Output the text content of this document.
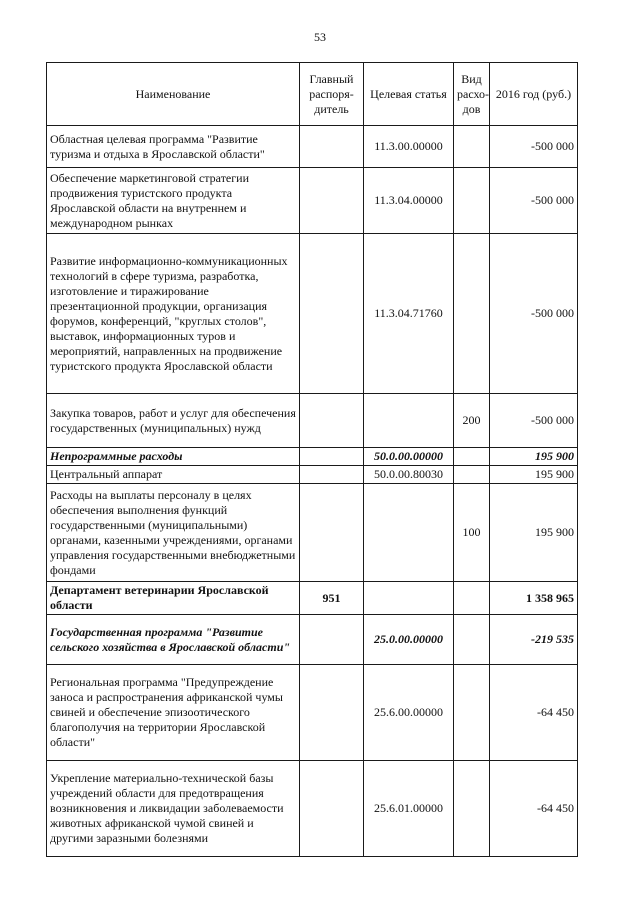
53
Наименование	Главный распоря-дитель	Целевая статья	Вид расхо-дов	2016 год (руб.)
Областная целевая программа "Развитие туризма и отдыха в Ярославской области"		11.3.00.00000		-500 000
Обеспечение маркетинговой стратегии продвижения туристского продукта Ярославской области на внутреннем и международном рынках		11.3.04.00000		-500 000
Развитие информационно-коммуникационных технологий в сфере туризма, разработка, изготовление и тиражирование презентационной продукции, организация форумов, конференций, "круглых столов", выставок, информационных туров и мероприятий, направленных на продвижение туристского продукта Ярославской области		11.3.04.71760		-500 000
Закупка товаров, работ и услуг для обеспечения государственных (муниципальных) нужд			200	-500 000
Непрограммные расходы		50.0.00.00000		195 900
Центральный аппарат		50.0.00.80030		195 900
Расходы на выплаты персоналу в целях обеспечения выполнения функций государственными (муниципальными) органами, казенными учреждениями, органами управления государственными внебюджетными фондами			100	195 900
Департамент ветеринарии Ярославской области	951			1 358 965
Государственная программа "Развитие сельского хозяйства в Ярославской области"		25.0.00.00000		-219 535
Региональная программа "Предупреждение заноса и распространения африканской чумы свиней и обеспечение эпизоотического благополучия на территории Ярославской области"		25.6.00.00000		-64 450
Укрепление материально-технической базы учреждений области для предотвращения возникновения и ликвидации заболеваемости животных африканской чумой свиней и другими заразными болезнями		25.6.01.00000		-64 450
